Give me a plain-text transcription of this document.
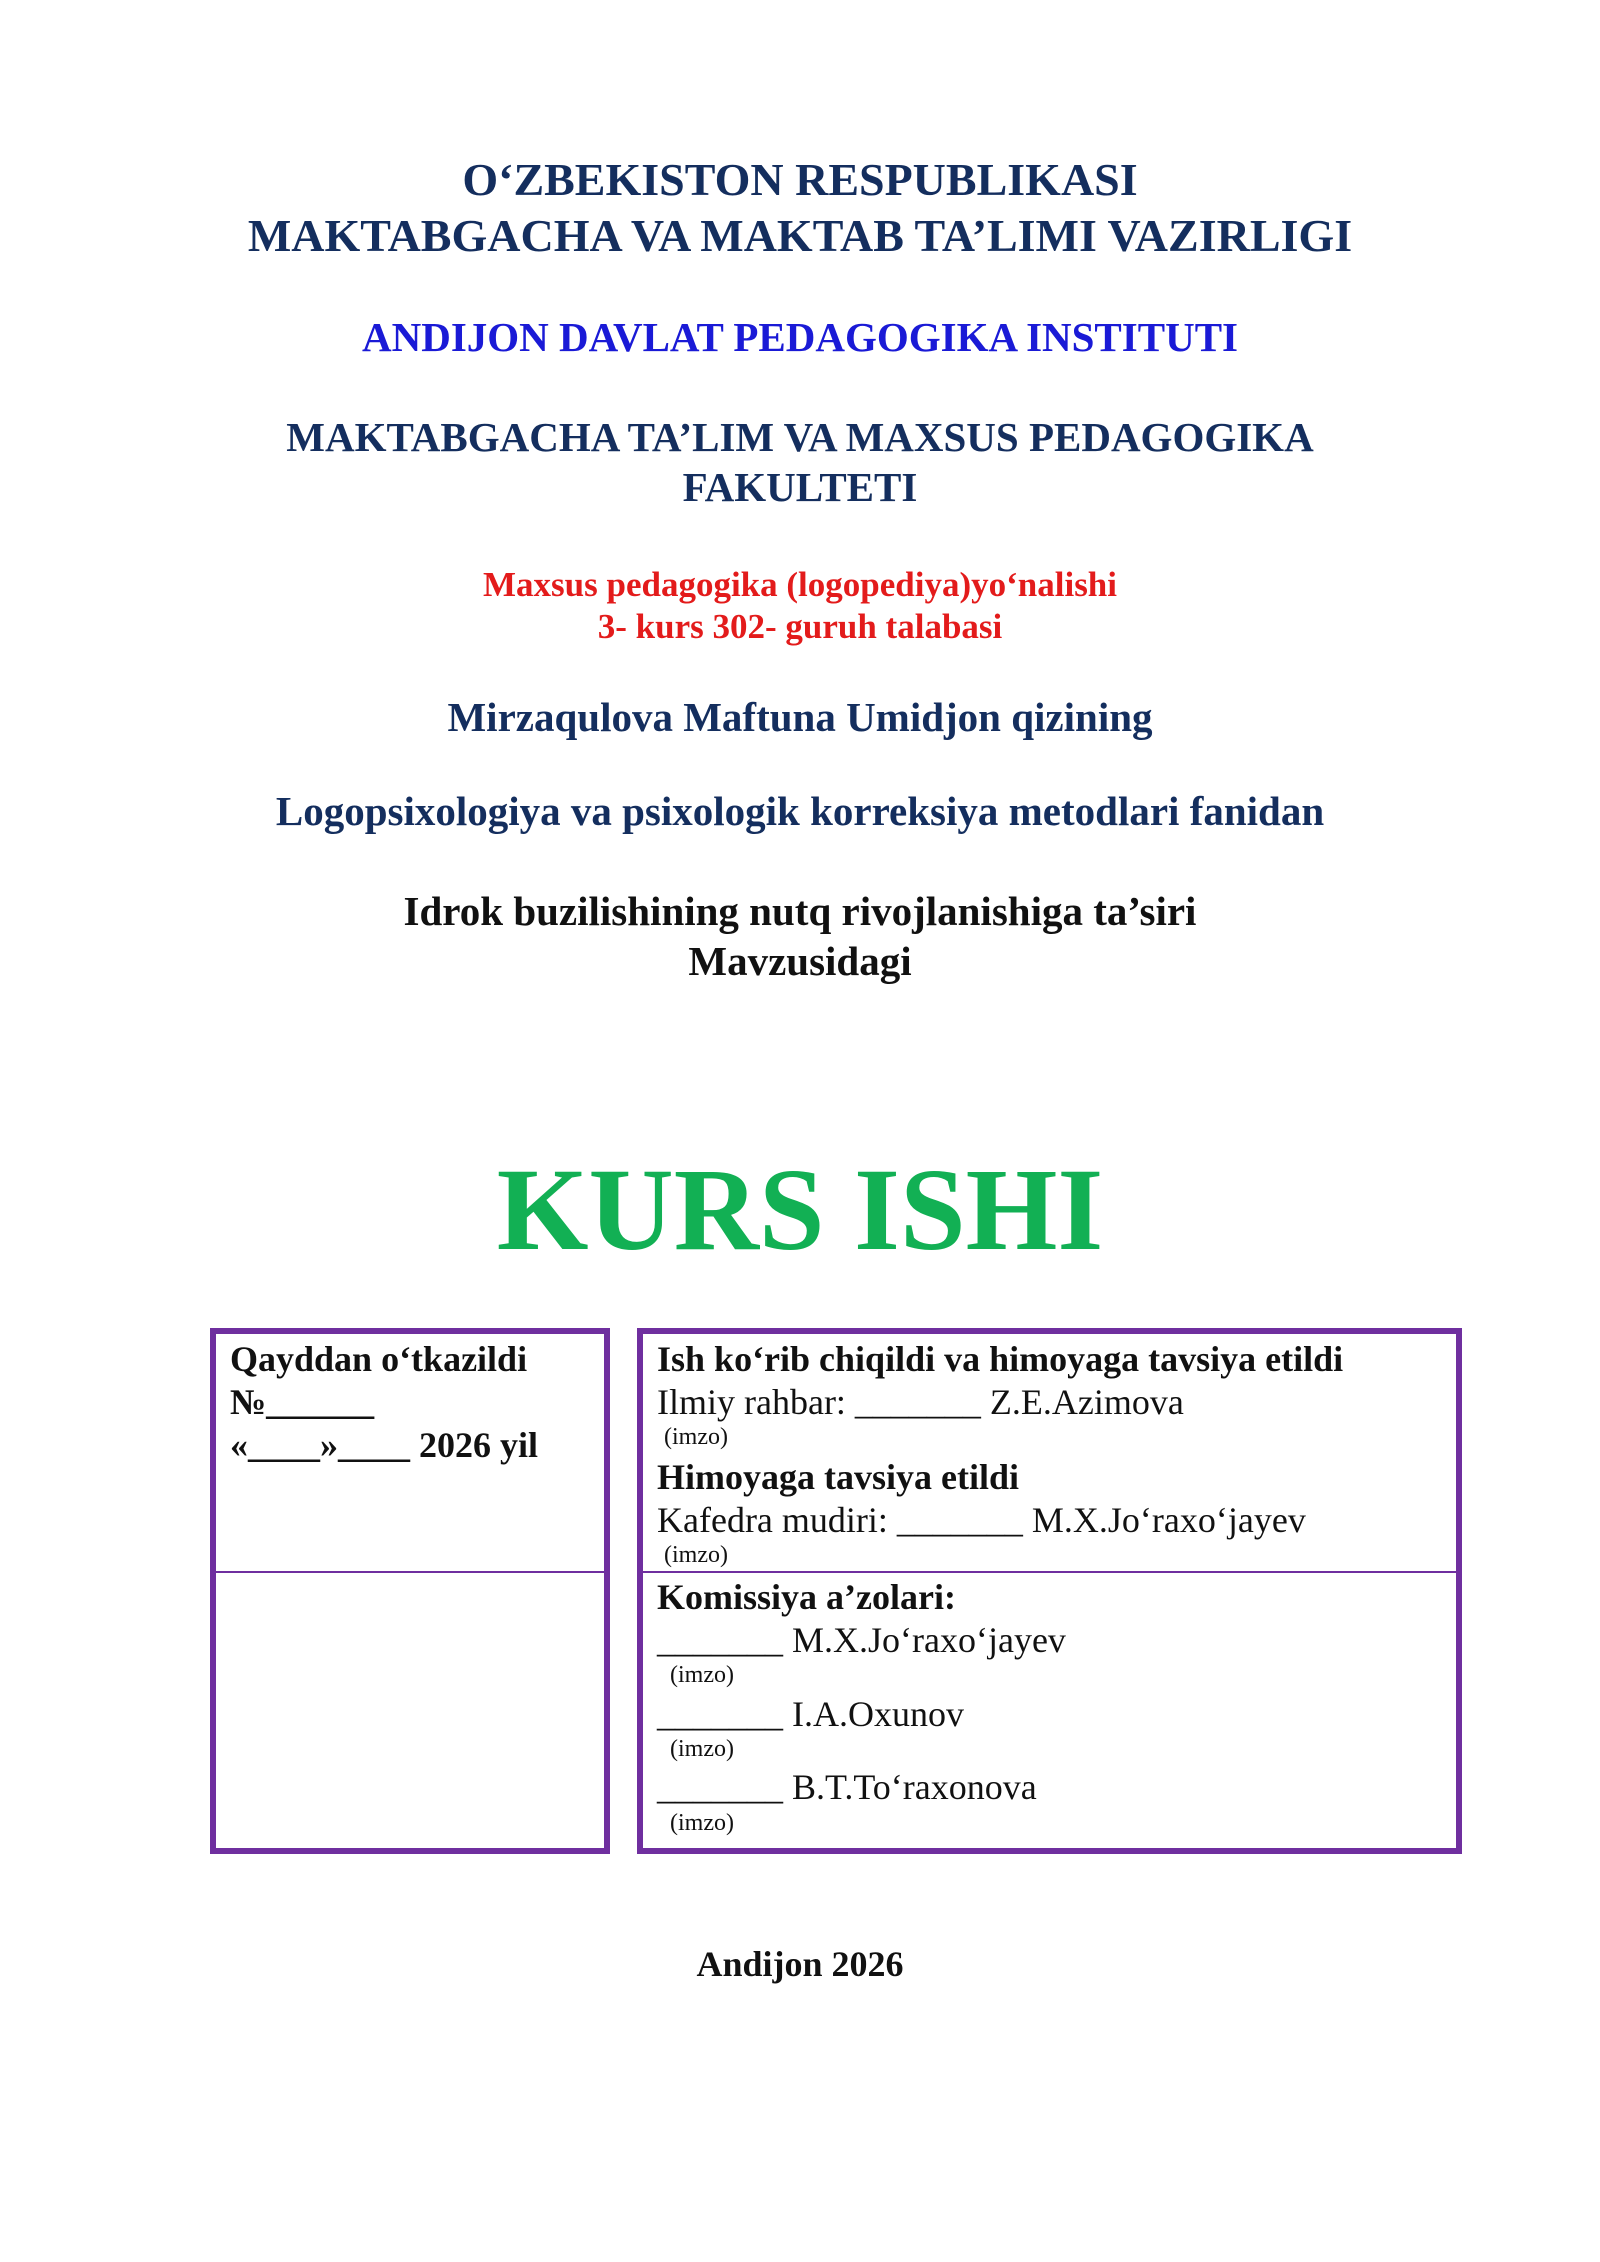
O‘ZBEKISTON RESPUBLIKASI
MAKTABGACHA VA MAKTAB TA’LIMI VAZIRLIGI
ANDIJON DAVLAT PEDAGOGIKA INSTITUTI
MAKTABGACHA TA’LIM VA MAXSUS PEDAGOGIKA
FAKULTETI
Maxsus pedagogika (logopediya)yo‘nalishi
3- kurs 302- guruh talabasi
Mirzaqulova Maftuna Umidjon qizining
Logopsixologiya va psixologik korreksiya metodlari fanidan
Idrok buzilishining nutq rivojlanishiga ta’siri
Mavzusidagi
KURS ISHI
Qayddan o‘tkazildi
№______
«____»____ 2026 yil
Ish ko‘rib chiqildi va himoyaga tavsiya etildi
Ilmiy rahbar: _______ Z.E.Azimova
(imzo)
Himoyaga tavsiya etildi
Kafedra mudiri: _______ M.X.Jo‘raxo‘jayev
(imzo)
Komissiya a’zolari:
_______ M.X.Jo‘raxo‘jayev
(imzo)
_______ I.A.Oxunov
(imzo)
_______ B.T.To‘raxonova
(imzo)
Andijon 2026
